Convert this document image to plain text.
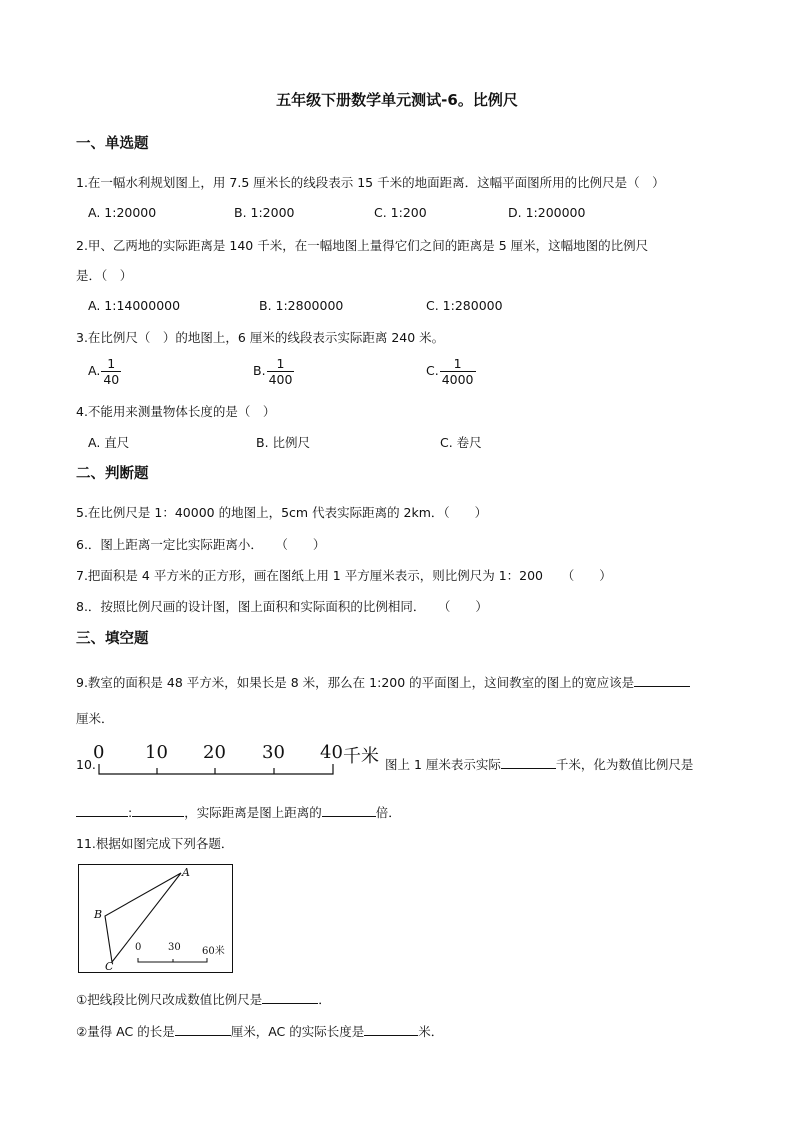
五年级下册数学单元测试-6。比例尺
一、单选题
1.在一幅水利规划图上，用 7.5 厘米长的线段表示 15 千米的地面距离．这幅平面图所用的比例尺是（　）
A. 1:20000	B. 1:2000	C. 1:200	D. 1:200000
2.甲、乙两地的实际距离是 140 千米，在一幅地图上量得它们之间的距离是 5 厘米，这幅地图的比例尺
是．（　）
A. 1:14000000	B. 1:2800000	C. 1:280000
3.在比例尺（　）的地图上，6 厘米的线段表示实际距离 240 米。
A. $\frac{1}{40}$	B. $\frac{1}{400}$	C. $\frac{1}{4000}$
4.不能用来测量物体长度的是（　）
A. 直尺	B. 比例尺	C. 卷尺
二、判断题
5.在比例尺是 1：40000 的地图上，5cm 代表实际距离的 2km．（　　）
6.．图上距离一定比实际距离小．　　（　　）
7.把面积是 4 平方米的正方形，画在图纸上用 1 平方厘米表示，则比例尺为 1：200　　（　　）
8.．按照比例尺画的设计图，图上面积和实际面积的比例相同．　　（　　）
三、填空题
9.教室的面积是 48 平方米，如果长是 8 米，那么在 1:200 的平面图上，这间教室的图上的宽应该是
厘米．
10.
0 10 20 30 40 千米 图上 1 厘米表示实际	千米，化为数值比例尺是
:	，实际距离是图上距离的	倍．
11.根据如图完成下列各题．
A
B
C
0	30 60米
①把线段比例尺改成数值比例尺是	．
②量得 AC 的长是	厘米，AC 的实际长度是	米．
